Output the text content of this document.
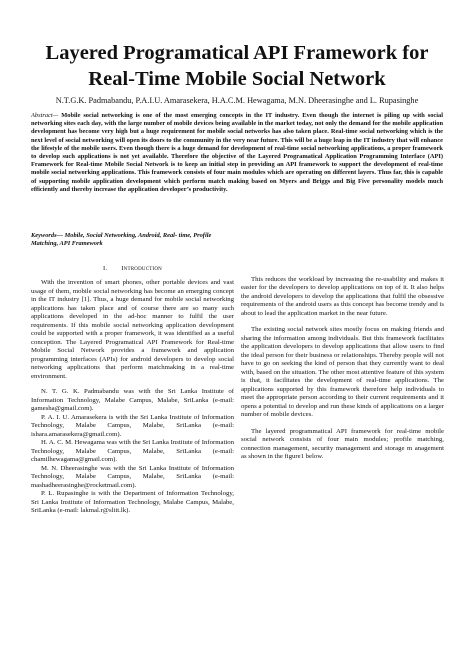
Layered Programatical API Framework for
Real-Time Mobile Social Network
N.T.G.K. Padmabandu, P.A.I.U. Amarasekera, H.A.C.M. Hewagama, M.N. Dheerasinghe and L. Rupasinghe

Abstract— Mobile social networking is one of the most emerging concepts in the IT industry. Even though the internet is piling up with social networking sites each day, with the large number of mobile devices being available in the market today, not only the demand for the mobile application development has become very high but a huge requirement for mobile social networks has also taken place. Real-time social networking which is the next level of social networking will open its doors to the community in the very near future. This will be a huge leap in the IT industry that will enhance the lifestyle of the mobile users. Even though there is a huge demand for development of real-time social networking applications, a proper framework to develop such applications is not yet available. Therefore the objective of the Layered Programatical Application Programming Interface (API) Framework for Real-time Mobile Social Network is to keep an initial step in providing an API framework to support the development of real-time mobile social networking applications. This framework consists of four main modules which are operating on different layers. Thus far, this is capable of supporting mobile application development which perform match making based on Myers and Briggs and Big Five personality models much efficiently and thereby increase the application developer’s productivity.

Keywords— Mobile, Social Networking, Android, Real- time, Profile Matching, API Framework

I. Introduction

With the invention of smart phones, other portable devices and vast usage of them, mobile social networking has become an emerging concept in the IT industry [1]. Thus, a huge demand for mobile social networking applications has taken place and of course there are so many such applications developed in the ad-hoc manner to fulfil the user requirements. If this mobile social networking application development could be supported with a proper framework, it was identified as a useful conception. The Layered Programatical API Framework for Real-time Mobile Social Network provides a framework and application programming interfaces (APIs) for android developers to develop social networking applications that perform matchmaking in a real-time environment.

N. T. G. K. Padmabandu was with the Sri Lanka Institute of Information Technology, Malabe Campus, Malabe, SriLanka (e-mail: gamesha@gmail.com).

P. A. I. U. Amarasekera is with the Sri Lanka Institute of Information Technology, Malabe Campus, Malabe, SriLanka (e-mail: ishara.amarasekera@gmail.com).

H. A. C. M. Hewagama was with the Sri Lanka Institute of Information Technology, Malabe Campus, Malabe, SriLanka (e-mail: chamilhewagama@gmail.com).

M. N. Dheerasinghe was with the Sri Lanka Institute of Information Technology, Malabe Campus, Malabe, SriLanka (e-mail: mashadheerasinghe@rocketmail.com).

P. L. Rupasinghe is with the Department of Information Technology, Sri Lanka Institute of Information Technology, Malabe Campus, Malabe, SriLanka (e-mail: lakmal.r@sliit.lk).

This reduces the workload by increasing the re-usability and makes it easier for the developers to develop applications on top of it. It also helps the android developers to develop the applications that fulfil the obsessive requirements of the android users as this concept has become trendy and is about to lead the application market in the near future.

The existing social network sites mostly focus on making friends and sharing the information among individuals. But this framework facilitates the application developers to develop applications that allow users to find the ideal person for their business or relationships. Thereby people will not have to go on seeking the kind of person that they currently want to deal with, based on the situation. The other most attentive feature of this system is that, it facilitates the development of real-time applications. The applications supported by this framework therefore help individuals to meet the appropriate person according to their current requirements and it opens a potential to develop and run these kinds of applications on a larger number of mobile devices.

The layered programmatical API framework for real-time mobile social network consists of four main modules; profile matching, connection management, security management and storage m anagement as shown in the figure1 below.
